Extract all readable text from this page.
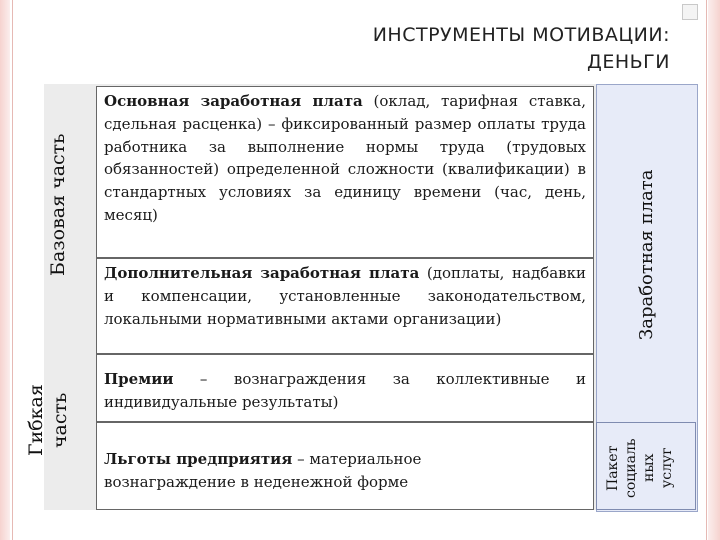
ИНСТРУМЕНТЫ МОТИВАЦИИ:
ДЕНЬГИ
Основная заработная плата (оклад, тарифная ставка, сдельная расценка) – фиксированный размер оплаты труда работника за выполнение нормы труда (трудовых обязанностей) определенной сложности (квалификации) в стандартных условиях за единицу времени (час, день, месяц)
Дополнительная заработная плата (доплаты, надбавки и компенсации, установленные законодательством, локальными нормативными актами организации)
Премии – вознаграждения за коллективные и индивидуальные результаты)
Льготы предприятия – материальное вознаграждение в неденежной форме
Базовая часть
Гибкая часть
Заработная плата
Пакет социаль ных услуг
